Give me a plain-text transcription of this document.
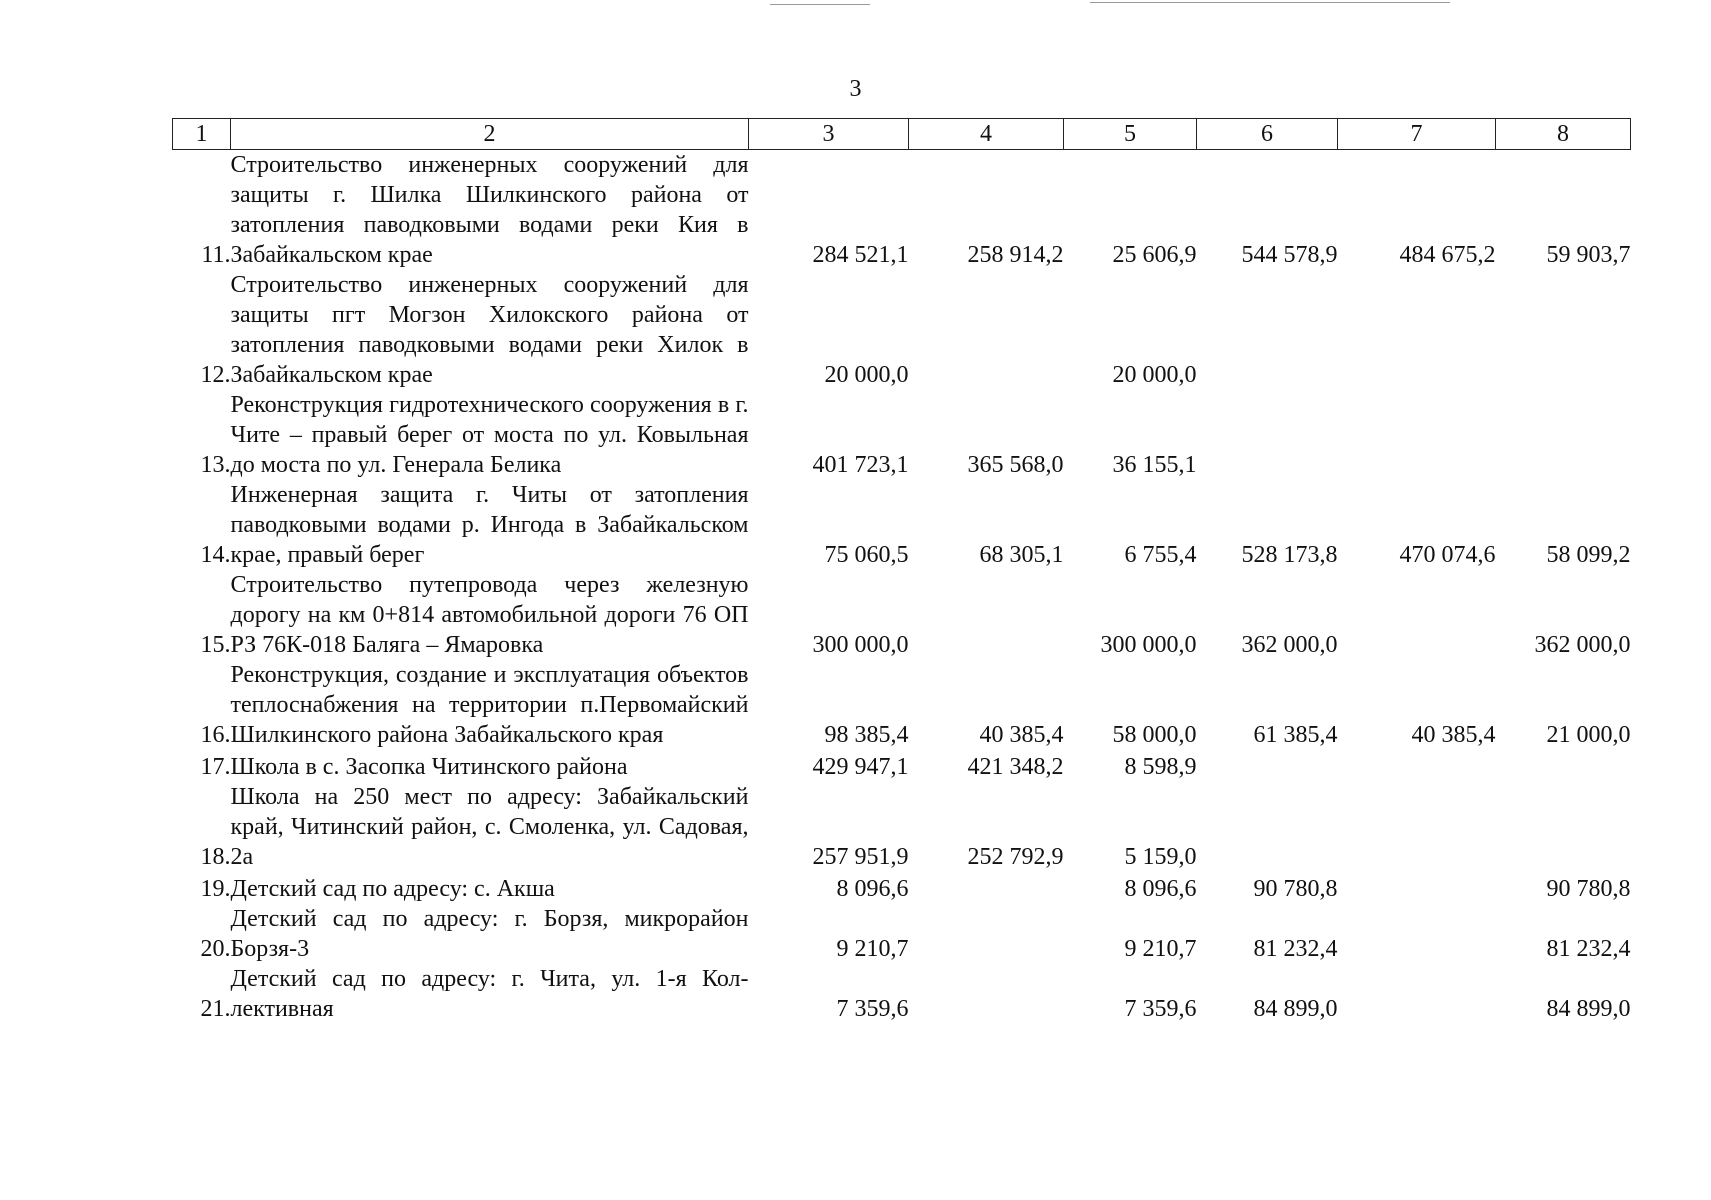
3
1	2	3	4	5	6	7	8
11.	Строительство инженерных сооружений для защиты г. Шилка Шилкинского района от затопления паводковыми водами реки Кия в Забайкальском крае	284 521,1	258 914,2	25 606,9	544 578,9	484 675,2	59 903,7
12.	Строительство инженерных сооружений для защиты пгт Могзон Хилокского района от затопления паводковыми водами реки Хилок в Забайкальском крае	20 000,0		20 000,0			
13.	Реконструкция гидротехнического сооружения в г. Чите – правый берег от моста по ул. Ковыльная до моста по ул. Генерала Белика	401 723,1	365 568,0	36 155,1			
14.	Инженерная защита г. Читы от затопления паводковыми водами р. Ингода в Забайкальском крае, правый берег	75 060,5	68 305,1	6 755,4	528 173,8	470 074,6	58 099,2
15.	Строительство путепровода через железную дорогу на км 0+814 автомобильной дороги 76 ОП РЗ 76К-018 Баляга – Ямаровка	300 000,0		300 000,0	362 000,0		362 000,0
16.	Реконструкция, создание и эксплуатация объектов теплоснабжения на территории п.Первомайский Шилкинского района Забайкальского края	98 385,4	40 385,4	58 000,0	61 385,4	40 385,4	21 000,0
17.	Школа в с. Засопка Читинского района	429 947,1	421 348,2	8 598,9			
18.	Школа на 250 мест по адресу: Забайкальский край, Читинский район, с. Смоленка, ул. Садовая, 2а	257 951,9	252 792,9	5 159,0			
19.	Детский сад по адресу: с. Акша	8 096,6		8 096,6	90 780,8		90 780,8
20.	Детский сад по адресу: г. Борзя, микрорайон Борзя-3	9 210,7		9 210,7	81 232,4		81 232,4
21.	Детский сад по адресу: г. Чита, ул. 1-я Коллективная	7 359,6		7 359,6	84 899,0		84 899,0
